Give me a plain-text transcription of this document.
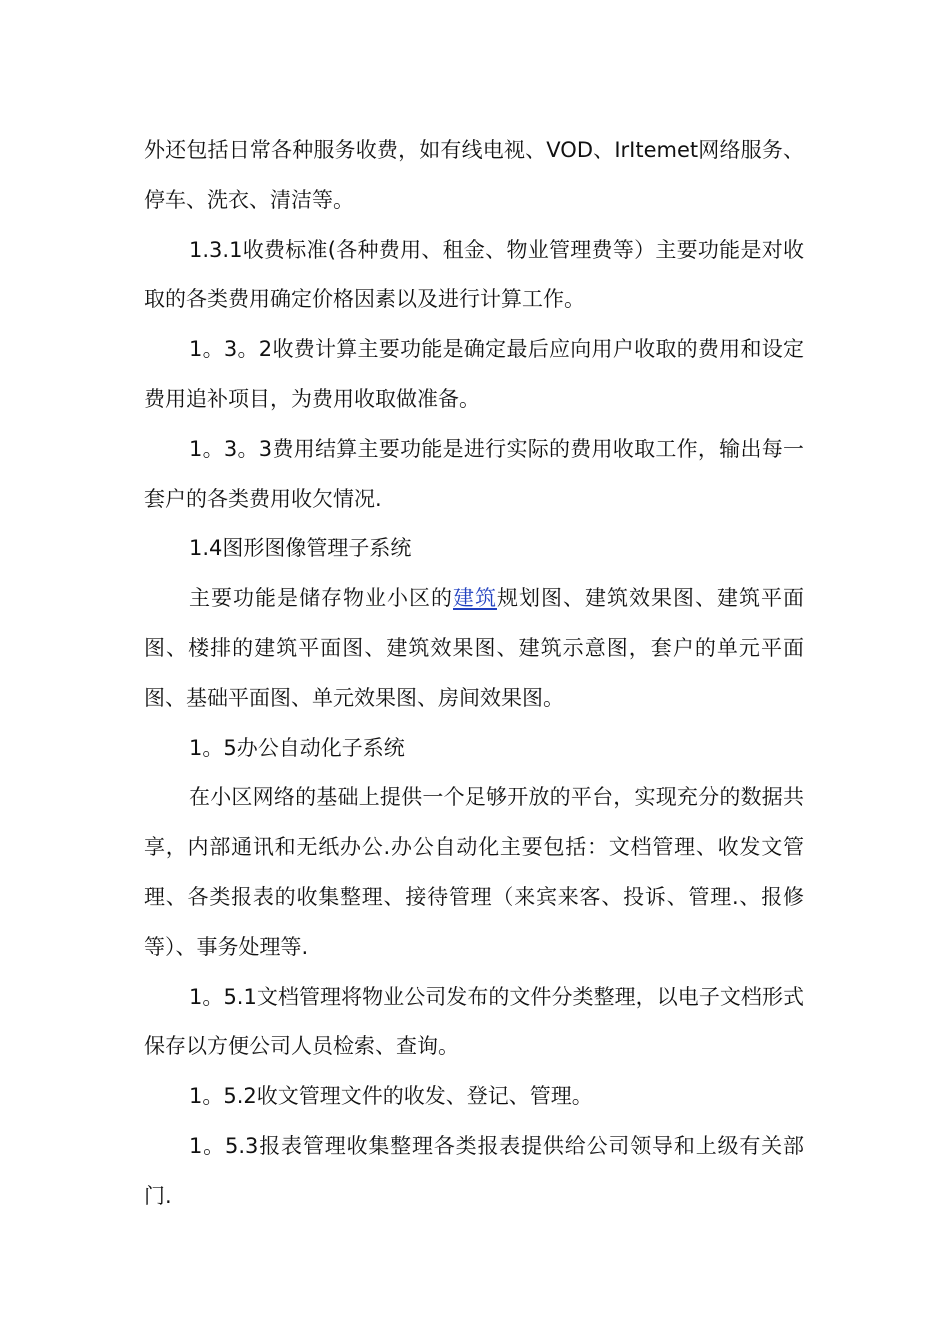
外还包括日常各种服务收费，如有线电视、VOD、IrItemet网络服务、停车、洗衣、清洁等。

1.3.1收费标准(各种费用、租金、物业管理费等）主要功能是对收取的各类费用确定价格因素以及进行计算工作。

1。3。2收费计算主要功能是确定最后应向用户收取的费用和设定费用追补项目，为费用收取做准备。

1。3。3费用结算主要功能是进行实际的费用收取工作，输出每一套户的各类费用收欠情况.

1.4图形图像管理子系统

主要功能是储存物业小区的建筑规划图、建筑效果图、建筑平面图、楼排的建筑平面图、建筑效果图、建筑示意图，套户的单元平面图、基础平面图、单元效果图、房间效果图。

1。5办公自动化子系统

在小区网络的基础上提供一个足够开放的平台，实现充分的数据共享，内部通讯和无纸办公.办公自动化主要包括：文档管理、收发文管理、各类报表的收集整理、接待管理（来宾来客、投诉、管理.、报修等）、事务处理等.

1。5.1文档管理将物业公司发布的文件分类整理，以电子文档形式保存以方便公司人员检索、查询。

1。5.2收文管理文件的收发、登记、管理。

1。5.3报表管理收集整理各类报表提供给公司领导和上级有关部门.
